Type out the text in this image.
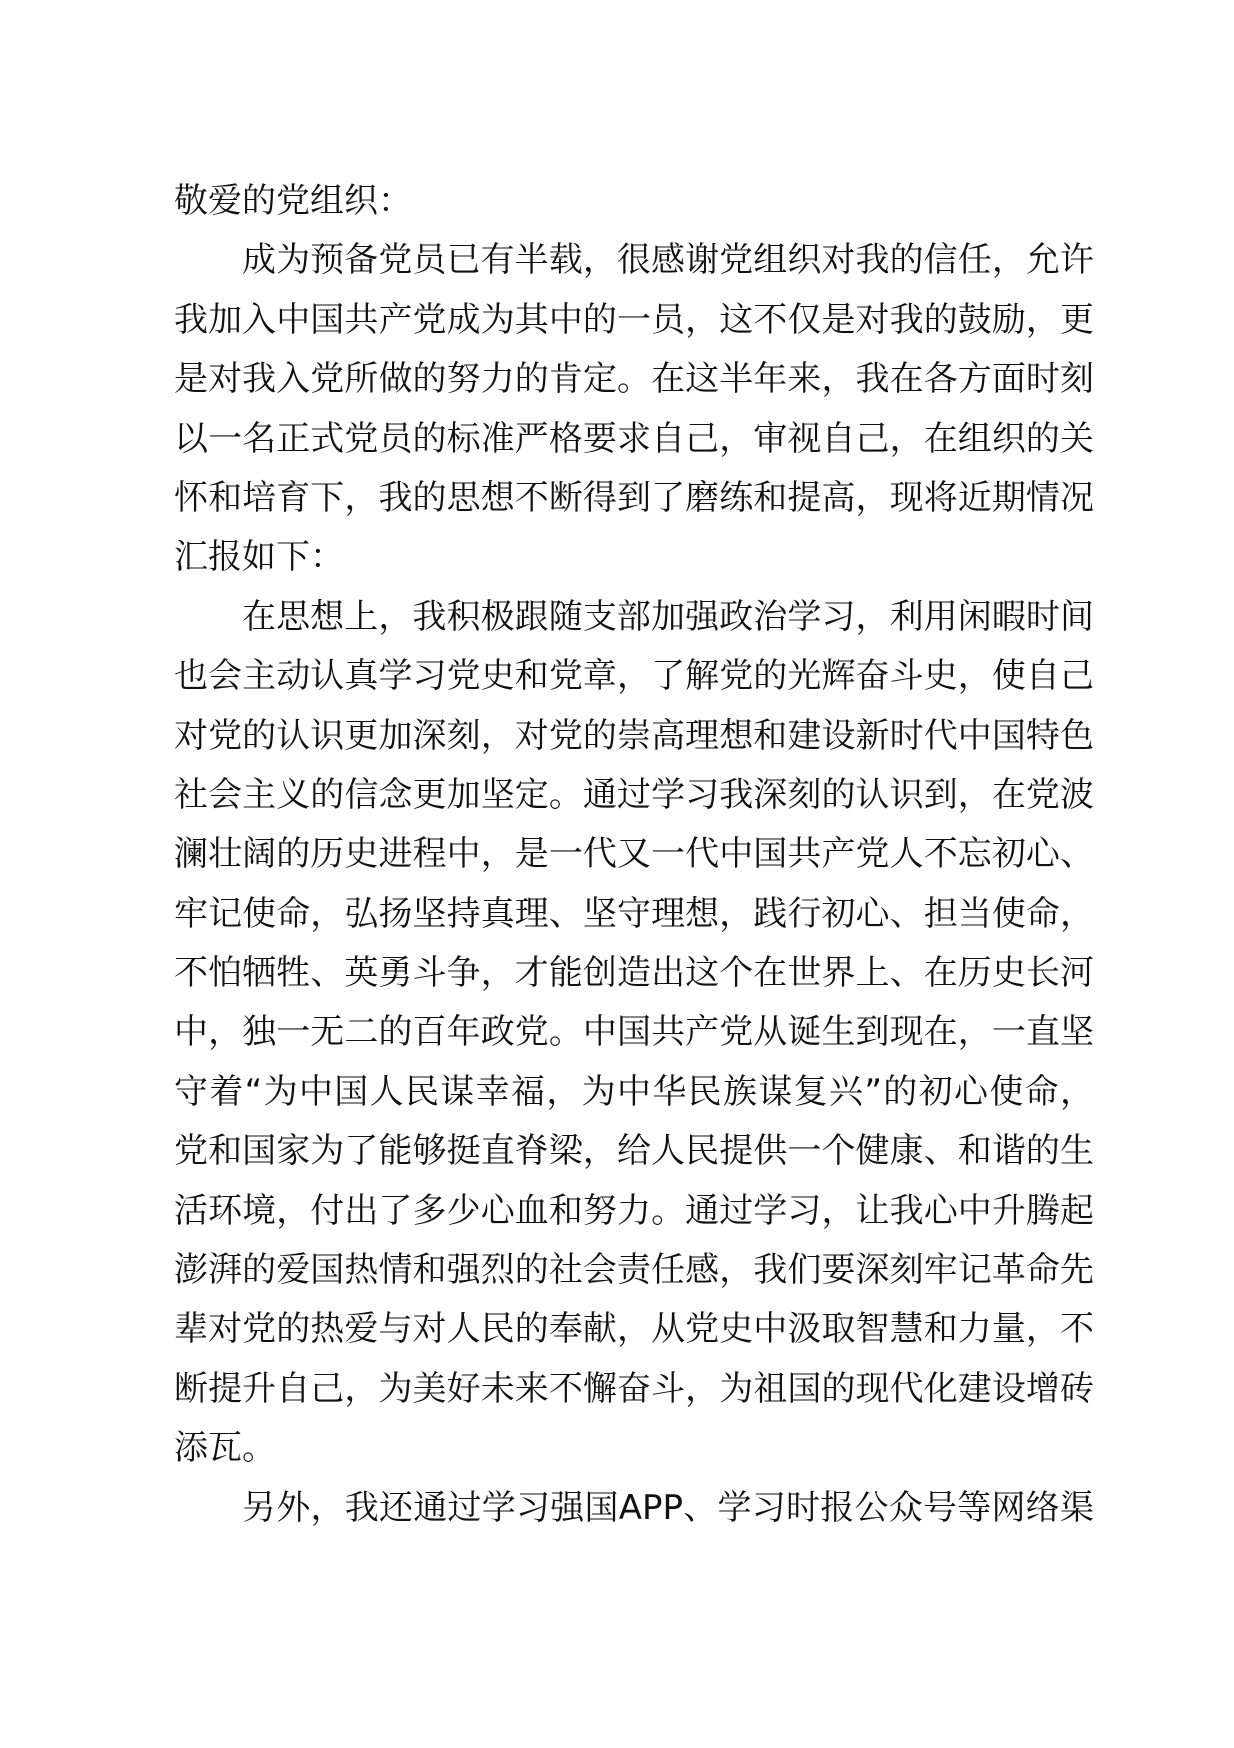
敬爱的党组织：
成为预备党员已有半载，很感谢党组织对我的信任，允许
我加入中国共产党成为其中的一员，这不仅是对我的鼓励，更
是对我入党所做的努力的肯定。在这半年来，我在各方面时刻
以一名正式党员的标准严格要求自己，审视自己，在组织的关
怀和培育下，我的思想不断得到了磨练和提高，现将近期情况
汇报如下：
在思想上，我积极跟随支部加强政治学习，利用闲暇时间
也会主动认真学习党史和党章，了解党的光辉奋斗史，使自己
对党的认识更加深刻，对党的崇高理想和建设新时代中国特色
社会主义的信念更加坚定。通过学习我深刻的认识到，在党波
澜壮阔的历史进程中，是一代又一代中国共产党人不忘初心、
牢记使命，弘扬坚持真理、坚守理想，践行初心、担当使命，
不怕牺牲、英勇斗争，才能创造出这个在世界上、在历史长河
中，独一无二的百年政党。中国共产党从诞生到现在，一直坚
守着“为中国人民谋幸福，为中华民族谋复兴”的初心使命，
党和国家为了能够挺直脊梁，给人民提供一个健康、和谐的生
活环境，付出了多少心血和努力。通过学习，让我心中升腾起
澎湃的爱国热情和强烈的社会责任感，我们要深刻牢记革命先
辈对党的热爱与对人民的奉献，从党史中汲取智慧和力量，不
断提升自己，为美好未来不懈奋斗，为祖国的现代化建设增砖
添瓦。
另外，我还通过学习强国APP、学习时报公众号等网络渠
